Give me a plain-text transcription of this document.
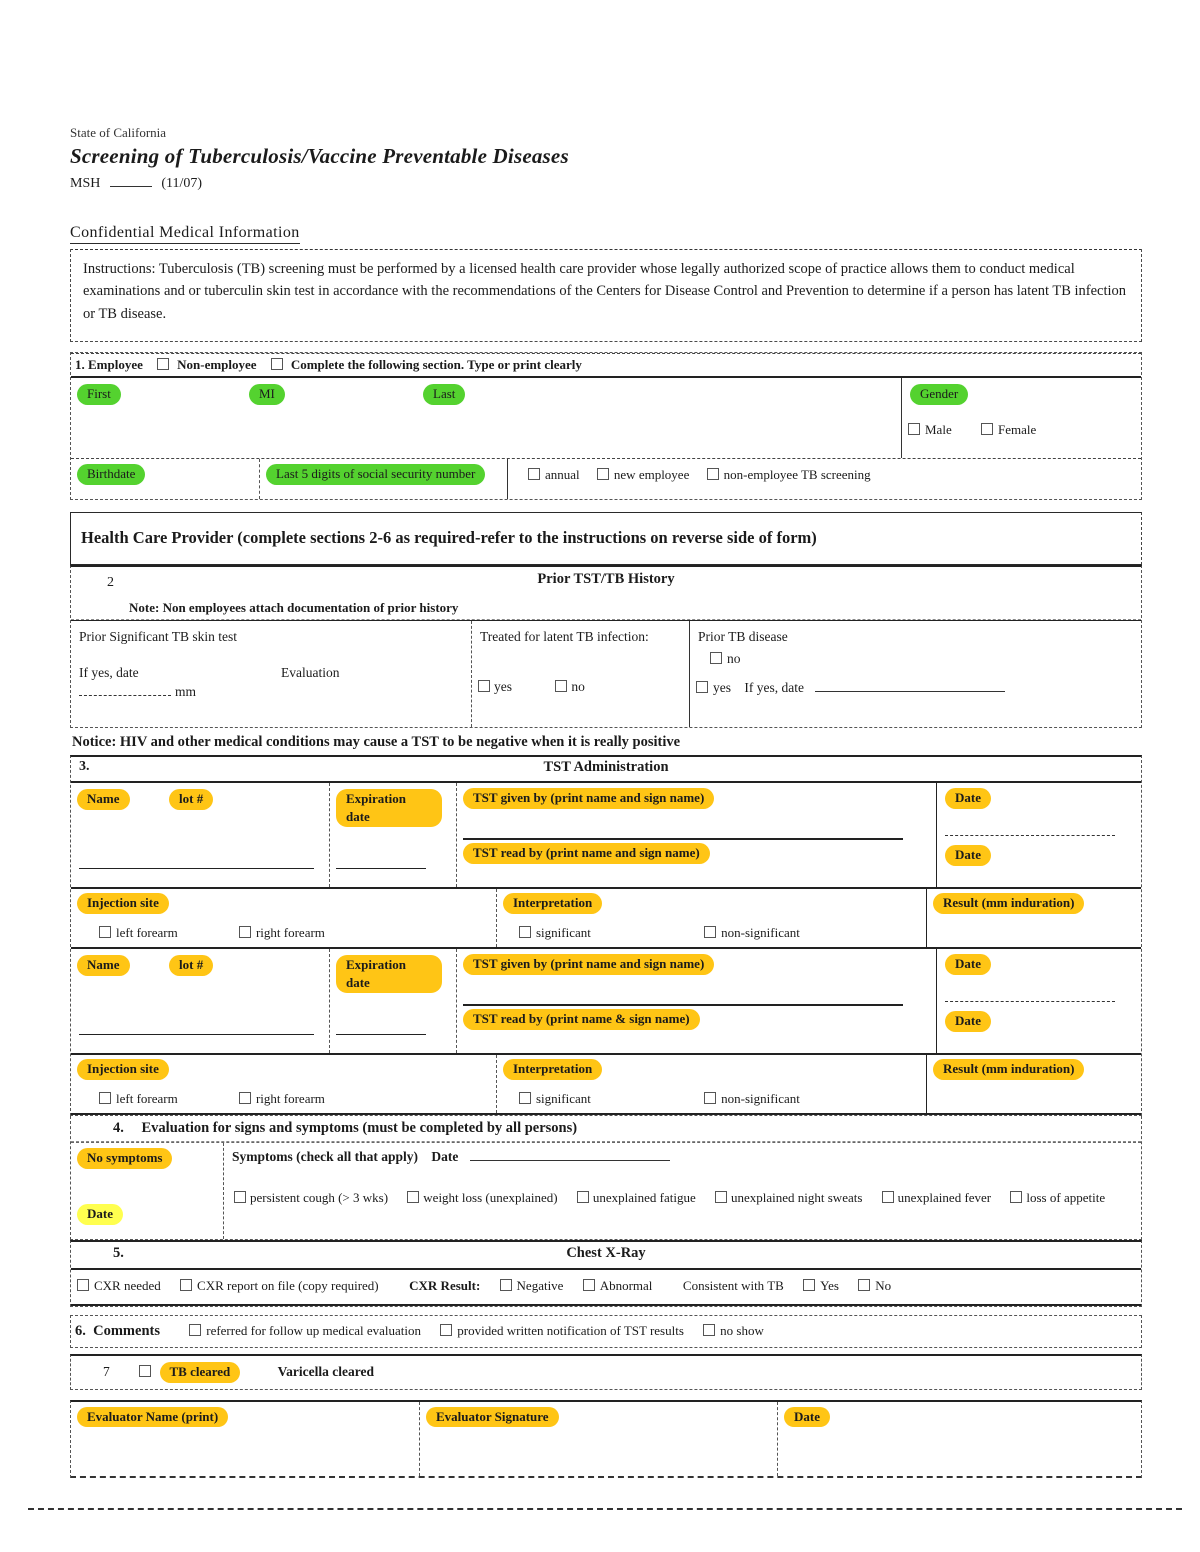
State of California
Screening of Tuberculosis/Vaccine Preventable Diseases
MSH	(11/07)
Confidential Medical Information
Instructions: Tuberculosis (TB) screening must be performed by a licensed health care provider whose legally authorized scope of practice allows them to conduct medical examinations and or tuberculin skin test in accordance with the recommendations of the Centers for Disease Control and Prevention to determine if a person has latent TB infection or TB disease.
1. Employee	Non-employee	Complete the following section. Type or print clearly
First	MI	Last	Gender
Male	Female
Birthdate	Last 5 digits of social security number	annual	new employee	non-employee TB screening
Health Care Provider (complete sections 2-6 as required-refer to the instructions on reverse side of form)
2	Prior TST/TB History
Note: Non employees attach documentation of prior history
Prior Significant TB skin test
If yes, date
mm
Evaluation
Treated for latent TB infection:
yes	no
Prior TB disease
no
yes If yes, date
Notice: HIV and other medical conditions may cause a TST to be negative when it is really positive
3.	TST Administration
Name	lot #	Expiration date
TST given by (print name and sign name)
TST read by (print name and sign name)
Date
Date
Injection site
left forearm	right forearm
Interpretation
significant	non-significant
Result (mm induration)
Name	lot #	Expiration date
TST given by (print name and sign name)
TST read by (print name & sign name)
Date
Date
Injection site
left forearm	right forearm
Interpretation
significant	non-significant
Result (mm induration)
4. Evaluation for signs and symptoms (must be completed by all persons)
No symptoms
Date
Symptoms (check all that apply) Date
persistent cough (> 3 wks)	weight loss (unexplained)	unexplained fatigue	unexplained night sweats	unexplained fever	loss of appetite
5.	Chest X-Ray
CXR needed	CXR report on file (copy required) CXR Result:	Negative	Abnormal Consistent with TB	Yes	No
6. Comments	referred for follow up medical evaluation	provided written notification of TST results	no show
7	TB cleared	Varicella cleared
Evaluator Name (print)	Evaluator Signature	Date
